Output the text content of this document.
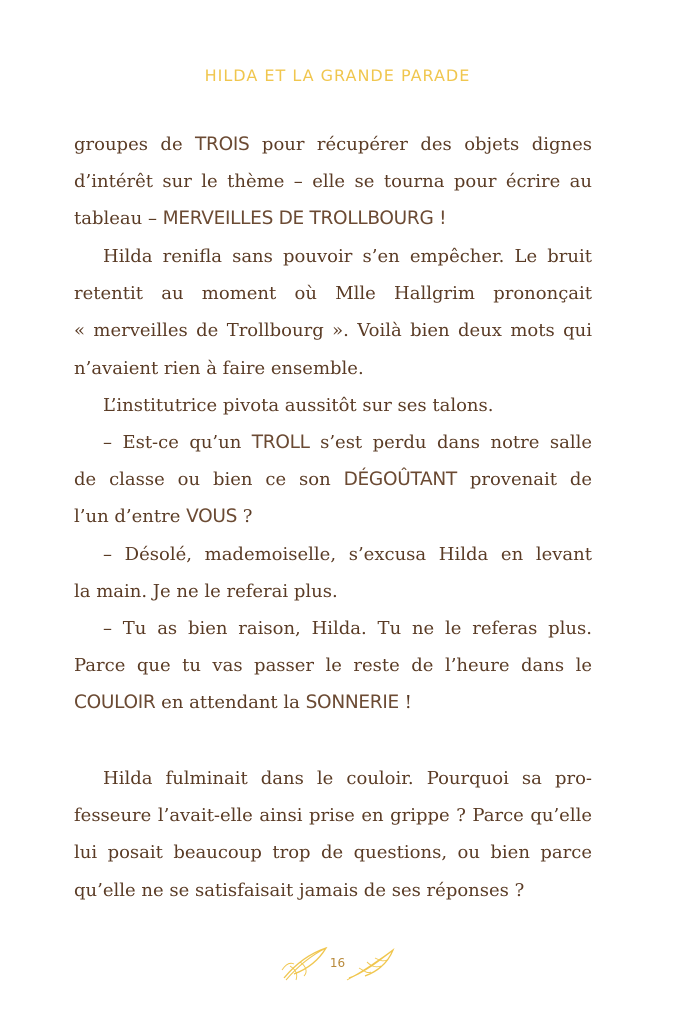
HILDA ET LA GRANDE PARADE

groupes de TROIS pour récupérer des objets dignes

d’intérêt sur le thème – elle se tourna pour écrire au

tableau – MERVEILLES DE TROLLBOURG !

Hilda renifla sans pouvoir s’en empêcher. Le bruit

retentit au moment où Mlle Hallgrim prononçait

« merveilles de Trollbourg ». Voilà bien deux mots qui

n’avaient rien à faire ensemble.

L’institutrice pivota aussitôt sur ses talons.

– Est-ce qu’un TROLL s’est perdu dans notre salle

de classe ou bien ce son DÉGOÛTANT provenait de

l’un d’entre VOUS ?

– Désolé, mademoiselle, s’excusa Hilda en levant

la main. Je ne le referai plus.

– Tu as bien raison, Hilda. Tu ne le referas plus.

Parce que tu vas passer le reste de l’heure dans le

COULOIR en attendant la SONNERIE !

Hilda fulminait dans le couloir. Pourquoi sa pro-

fesseure l’avait-elle ainsi prise en grippe ? Parce qu’elle

lui posait beaucoup trop de questions, ou bien parce

qu’elle ne se satisfaisait jamais de ses réponses ?

16
